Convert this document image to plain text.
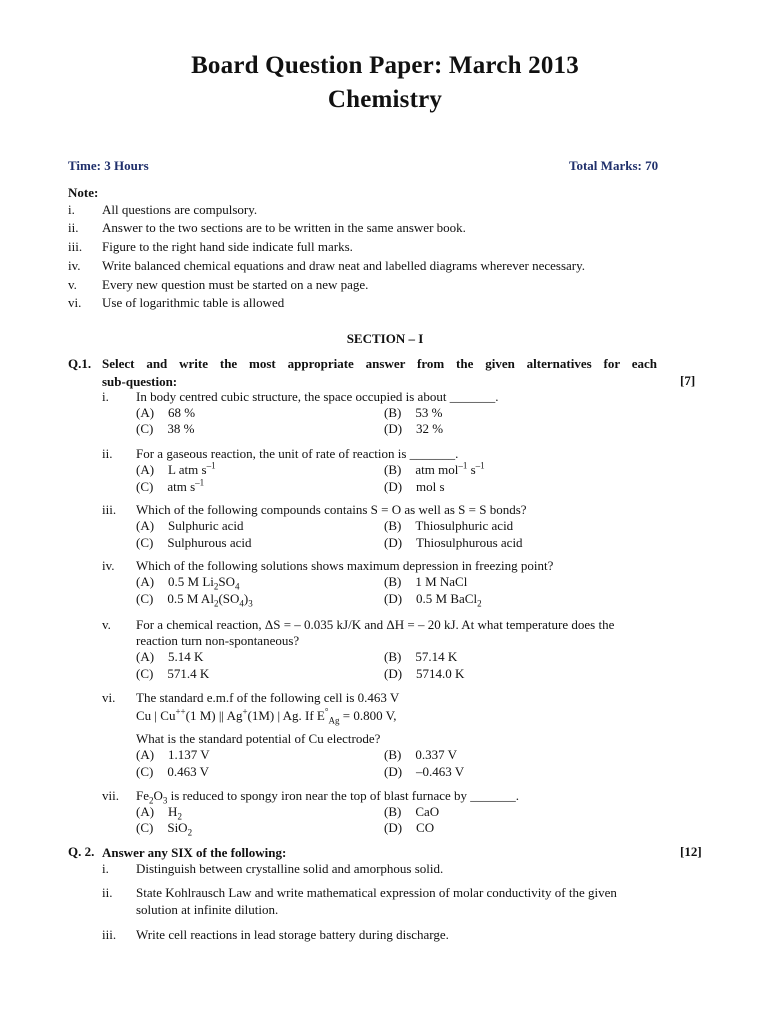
Board Question Paper: March 2013
Chemistry
Time: 3 Hours	Total Marks: 70
Note:
i. All questions are compulsory.
ii. Answer to the two sections are to be written in the same answer book.
iii. Figure to the right hand side indicate full marks.
iv. Write balanced chemical equations and draw neat and labelled diagrams wherever necessary.
v. Every new question must be started on a new page.
vi. Use of logarithmic table is allowed
SECTION – I
Q.1. Select and write the most appropriate answer from the given alternatives for each
sub-question:	[7]
i. In body centred cubic structure, the space occupied is about _______.
(A) 68 %	(B) 53 %
(C) 38 %	(D) 32 %
ii. For a gaseous reaction, the unit of rate of reaction is _______.
(A) L atm $s^{-1}$	(B) atm mol$^{-1}$ $s^{-1}$
(C) atm $s^{-1}$	(D) mol s
iii. Which of the following compounds contains S = O as well as S = S bonds?
(A) Sulphuric acid	(B) Thiosulphuric acid
(C) Sulphurous acid	(D) Thiosulphurous acid
iv. Which of the following solutions shows maximum depression in freezing point?
(A) 0.5 M $Li_2SO_4$	(B) 1 M NaCl
(C) 0.5 M $Al_2(SO_4)_3$	(D) 0.5 M BaCl$_2$
v. For a chemical reaction, ΔS = – 0.035 kJ/K and ΔH = – 20 kJ. At what temperature does the
reaction turn non-spontaneous?
(A) 5.14 K	(B) 57.14 K
(C) 571.4 K	(D) 5714.0 K
vi. The standard e.m.f of the following cell is 0.463 V
Cu | Cu++(1 M) || Ag+(1M) | Ag. If $E^\circ_{Ag} = 0.800$ V,
What is the standard potential of Cu electrode?
(A) 1.137 V	(B) 0.337 V
(C) 0.463 V	(D) –0.463 V
vii. $Fe_2O_3$ is reduced to spongy iron near the top of blast furnace by _______.
(A) $H_2$	(B) CaO
(C) SiO$_2$	(D) CO
Q. 2. Answer any SIX of the following:	[12]
i. Distinguish between crystalline solid and amorphous solid.
ii. State Kohlrausch Law and write mathematical expression of molar conductivity of the given
solution at infinite dilution.
iii. Write cell reactions in lead storage battery during discharge.
